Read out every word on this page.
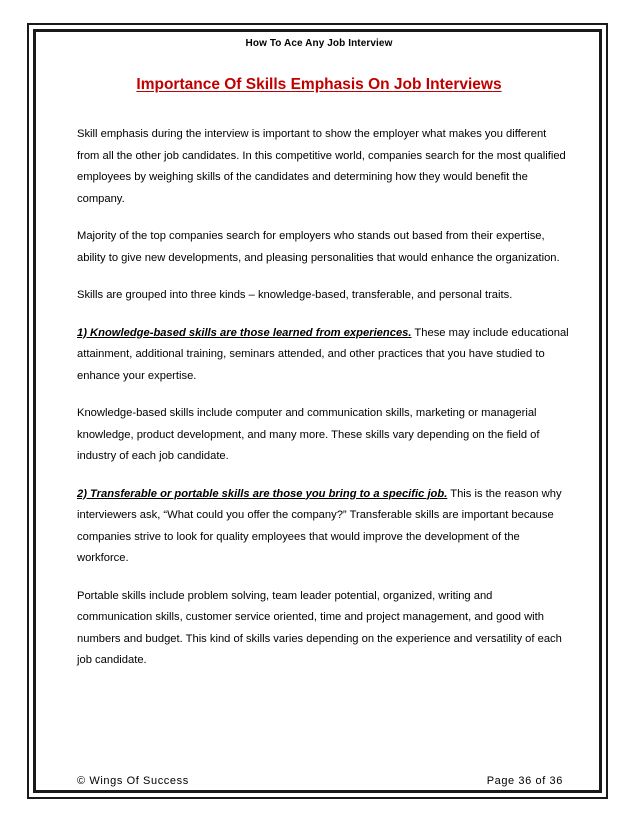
How To Ace Any Job Interview
Importance Of Skills Emphasis On Job Interviews

Skill emphasis during the interview is important to show the employer what makes you different from all the other job candidates. In this competitive world, companies search for the most qualified employees by weighing skills of the candidates and determining how they would benefit the company.

Majority of the top companies search for employers who stands out based from their expertise, ability to give new developments, and pleasing personalities that would enhance the organization.

Skills are grouped into three kinds – knowledge-based, transferable, and personal traits.

1) Knowledge-based skills are those learned from experiences. These may include educational attainment, additional training, seminars attended, and other practices that you have studied to enhance your expertise.

Knowledge-based skills include computer and communication skills, marketing or managerial knowledge, product development, and many more. These skills vary depending on the field of industry of each job candidate.

2) Transferable or portable skills are those you bring to a specific job. This is the reason why interviewers ask, “What could you offer the company?” Transferable skills are important because companies strive to look for quality employees that would improve the development of the workforce.

Portable skills include problem solving, team leader potential, organized, writing and communication skills, customer service oriented, time and project management, and good with numbers and budget. This kind of skills varies depending on the experience and versatility of each job candidate.

© Wings Of Success	Page 36 of 36
